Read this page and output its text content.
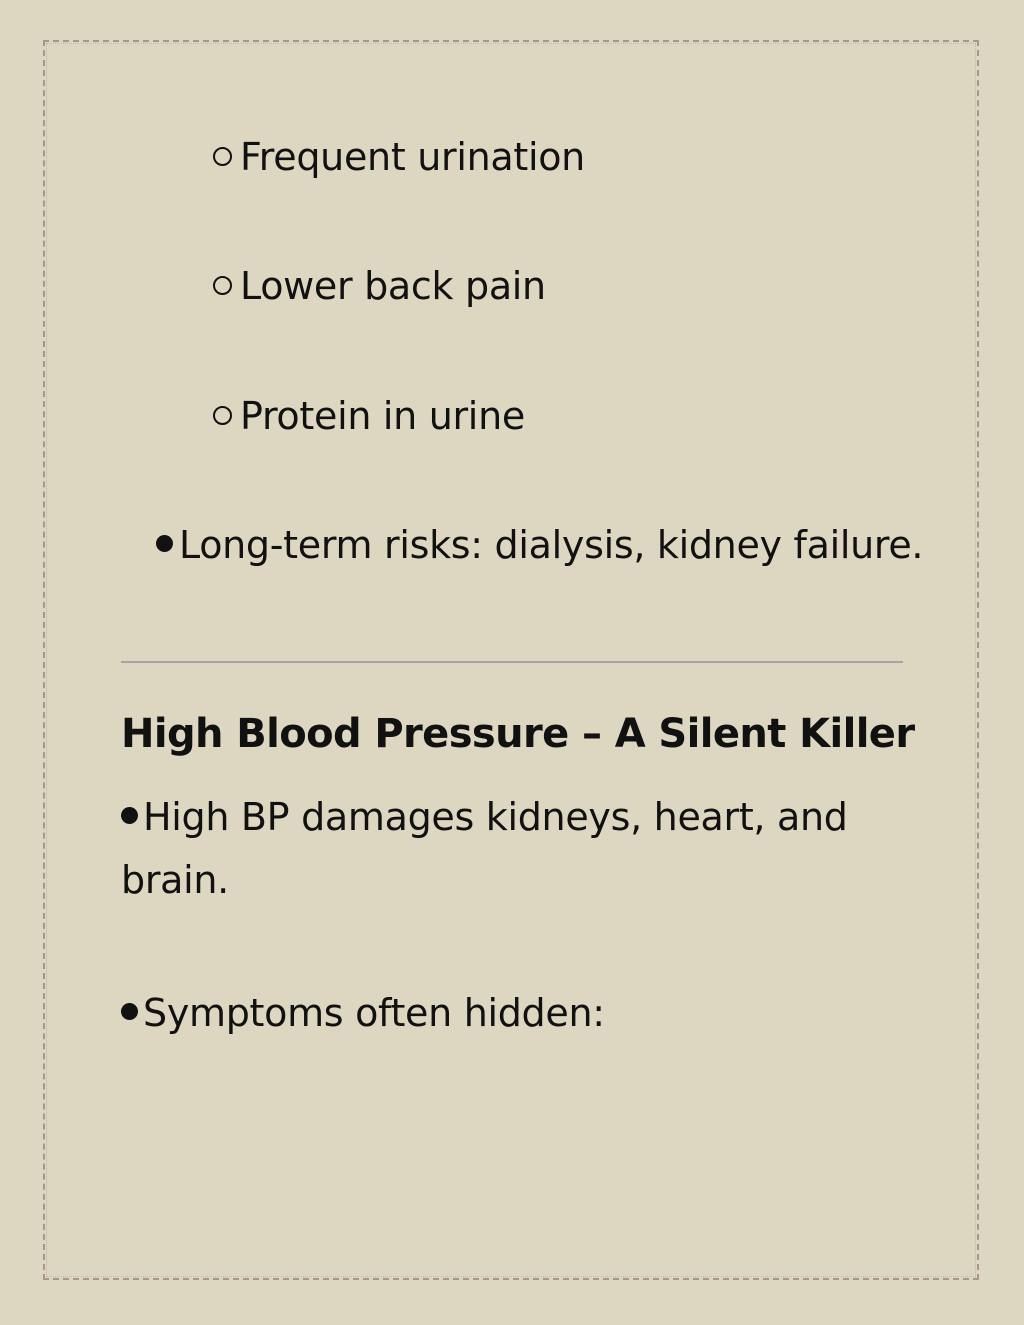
Frequent urination
Lower back pain
Protein in urine
Long-term risks: dialysis, kidney failure.
High Blood Pressure – A Silent Killer
High BP damages kidneys, heart, and brain.
Symptoms often hidden:
